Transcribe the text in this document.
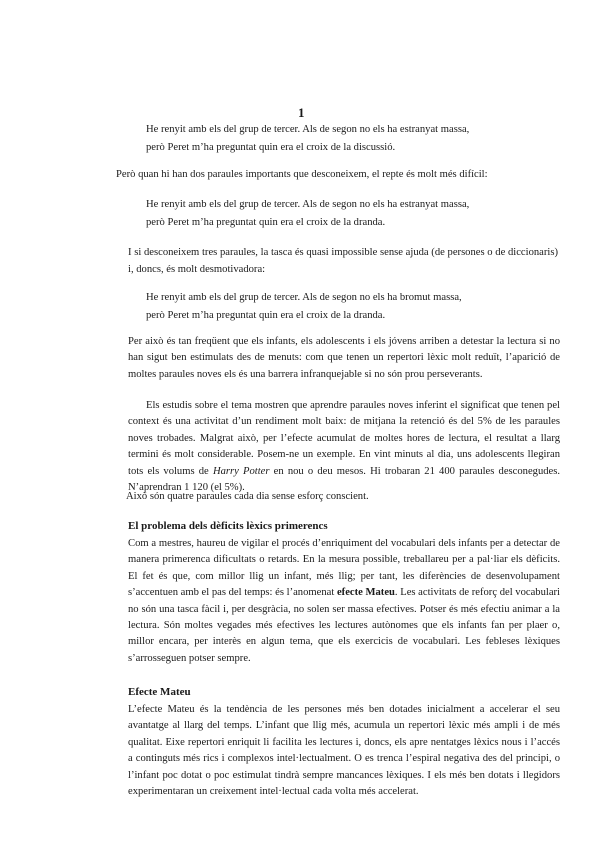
1
He renyit amb els del grup de tercer. Als de segon no els ha estranyat massa,
però Peret m’ha preguntat quin era el croix de la discussió.
Però quan hi han dos paraules importants que desconeixem, el repte és molt més difícil:
He renyit amb els del grup de tercer. Als de segon no els ha estranyat massa,
però Peret m’ha preguntat quin era el croix de la dranda.
I si desconeixem tres paraules, la tasca és quasi impossible sense ajuda (de persones o de diccionaris) i, doncs, és molt desmotivadora:
He renyit amb els del grup de tercer. Als de segon no els ha bromut massa,
però Peret m’ha preguntat quin era el croix de la dranda.
Per això és tan freqüent que els infants, els adolescents i els jóvens arriben a detestar la lectura si no han sigut ben estimulats des de menuts: com que tenen un repertori lèxic molt reduït, l’aparició de moltes paraules noves els és una barrera infranquejable si no són prou perseverants.
Els estudis sobre el tema mostren que aprendre paraules noves inferint el significat que tenen pel context és una activitat d’un rendiment molt baix: de mitjana la retenció és del 5% de les paraules noves trobades. Malgrat això, per l’efecte acumulat de moltes hores de lectura, el resultat a llarg termini és molt considerable. Posem-ne un exemple. En vint minuts al dia, uns adolescents llegiran tots els volums de Harry Potter en nou o deu mesos. Hi trobaran 21 400 paraules desconegudes. N’aprendran 1 120 (el 5%).
Això són quatre paraules cada dia sense esforç conscient.
El problema dels dèficits lèxics primerencs
Com a mestres, haureu de vigilar el procés d’enriquiment del vocabulari dels infants per a detectar de manera primerenca dificultats o retards. En la mesura possible, treballareu per a pal·liar els dèficits. El fet és que, com millor llig un infant, més llig; per tant, les diferències de desenvolupament s’accentuen amb el pas del temps: és l’anomenat efecte Mateu. Les activitats de reforç del vocabulari no són una tasca fàcil i, per desgràcia, no solen ser massa efectives. Potser és més efectiu animar a la lectura. Són moltes vegades més efectives les lectures autònomes que els infants fan per plaer o, millor encara, per interès en algun tema, que els exercicis de vocabulari. Les febleses lèxiques s’arrosseguen potser sempre.
Efecte Mateu
L’efecte Mateu és la tendència de les persones més ben dotades inicialment a accelerar el seu avantatge al llarg del temps. L’infant que llig més, acumula un repertori lèxic més ampli i de més qualitat. Eixe repertori enriquit li facilita les lectures i, doncs, els apre nentatges lèxics nous i l’accés a continguts més rics i complexos intel·lectualment. O es trenca l’espiral negativa des del principi, o l’infant poc dotat o poc estimulat tindrà sempre mancances lèxiques. I els més ben dotats i llegidors experimentaran un creixement intel·lectual cada volta més accelerat.
